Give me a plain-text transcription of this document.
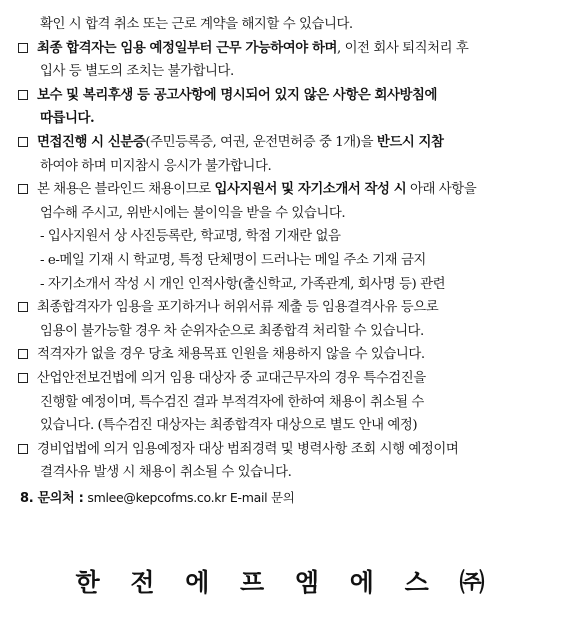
확인 시 합격 취소 또는 근로 계약을 해지할 수 있습니다.
최종 합격자는 임용 예정일부터 근무 가능하여야 하며, 이전 회사 퇴직처리 후
입사 등 별도의 조치는 불가합니다.
보수 및 복리후생 등 공고사항에 명시되어 있지 않은 사항은 회사방침에
따릅니다.
면접진행 시 신분증(주민등록증, 여권, 운전면허증 중 1개)을 반드시 지참
하여야 하며 미지참시 응시가 불가합니다.
본 채용은 블라인드 채용이므로 입사지원서 및 자기소개서 작성 시 아래 사항을
엄수해 주시고, 위반시에는 불이익을 받을 수 있습니다.
- 입사지원서 상 사진등록란, 학교명, 학점 기재란 없음
- e-메일 기재 시 학교명, 특정 단체명이 드러나는 메일 주소 기재 금지
- 자기소개서 작성 시 개인 인적사항(출신학교, 가족관계, 회사명 등) 관련
최종합격자가 임용을 포기하거나 허위서류 제출 등 임용결격사유 등으로
임용이 불가능할 경우 차 순위자순으로 최종합격 처리할 수 있습니다.
적격자가 없을 경우 당초 채용목표 인원을 채용하지 않을 수 있습니다.
산업안전보건법에 의거 임용 대상자 중 교대근무자의 경우 특수검진을
진행할 예정이며, 특수검진 결과 부적격자에 한하여 채용이 취소될 수
있습니다. (특수검진 대상자는 최종합격자 대상으로 별도 안내 예정)
경비업법에 의거 임용예정자 대상 범죄경력 및 병력사항 조회 시행 예정이며
결격사유 발생 시 채용이 취소될 수 있습니다.
8. 문의처 : smlee@kepcofms.co.kr E-mail 문의
한 전 에 프 엠 에 스 ㈜
